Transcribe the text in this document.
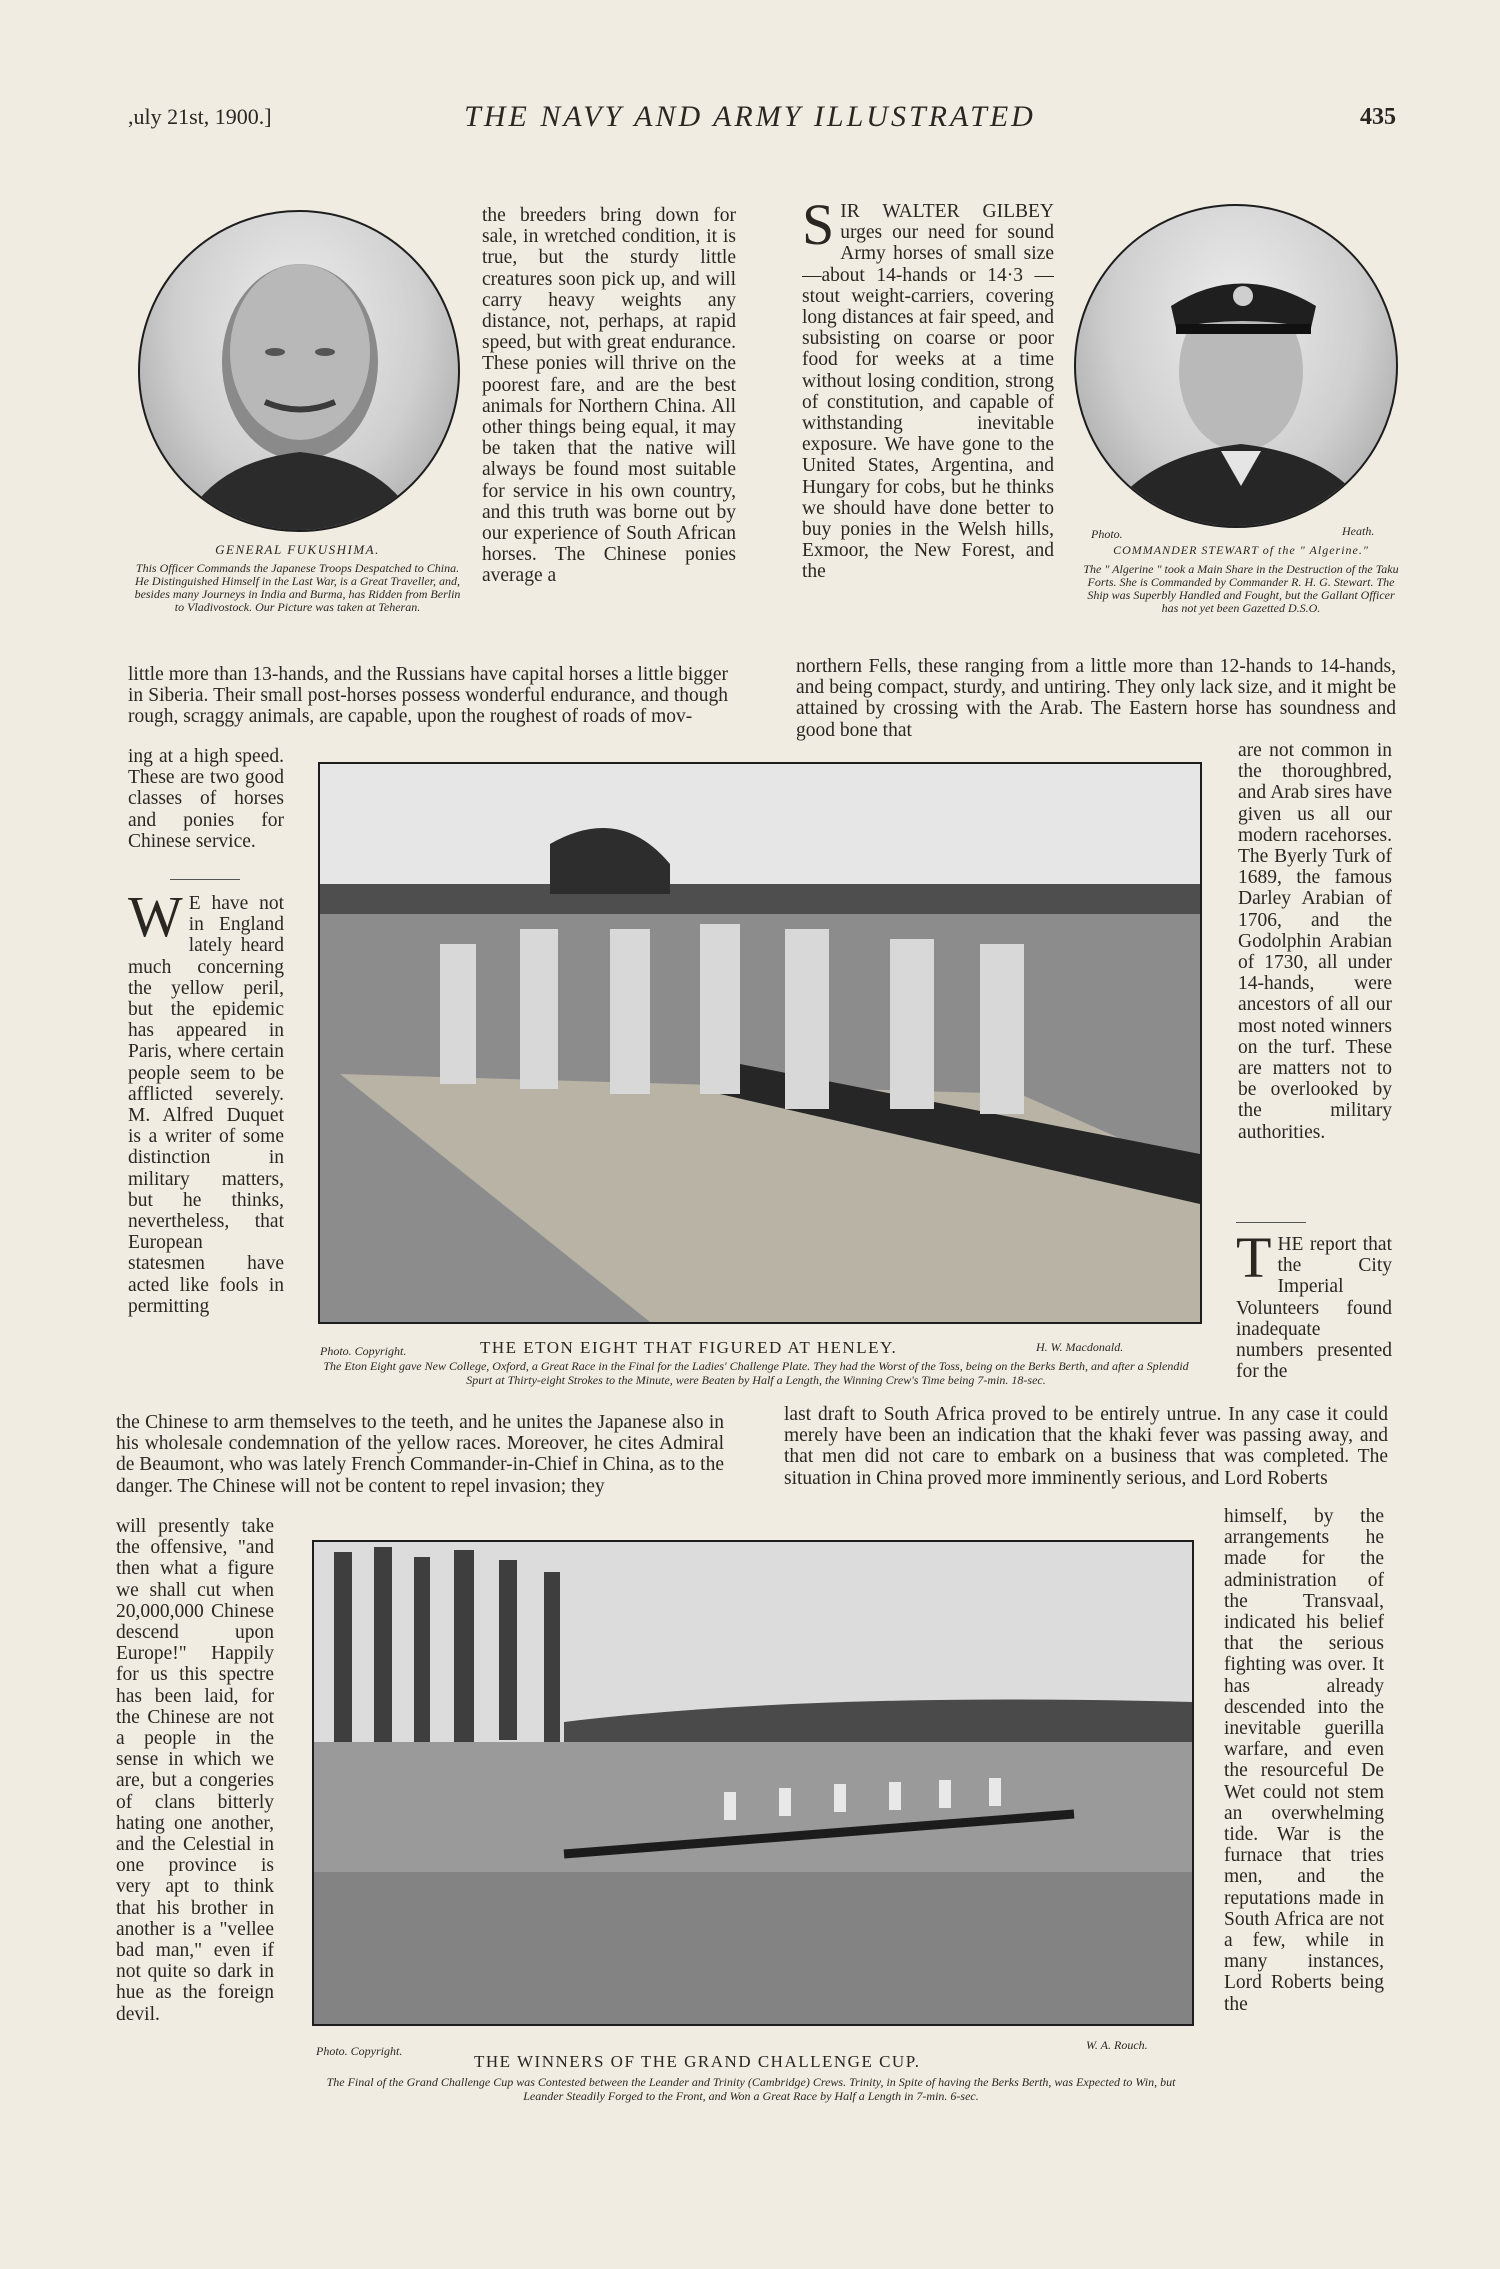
,uly 21st, 1900.]	THE NAVY AND ARMY ILLUSTRATED	435
GENERAL FUKUSHIMA.
This Officer Commands the Japanese Troops Despatched to China. He Distinguished Himself in the Last War, is a Great Traveller, and, besides many Journeys in India and Burma, has Ridden from Berlin to Vladivostock. Our Picture was taken at Teheran.

the breeders bring down for sale, in wretched condition, it is true, but the sturdy little creatures soon pick up, and will carry heavy weights any distance, not, perhaps, at rapid speed, but with great endurance. These ponies will thrive on the poorest fare, and are the best animals for Northern China. All other things being equal, it may be taken that the native will always be found most suitable for service in his own country, and this truth was borne out by our experience of South African horses. The Chinese ponies average a

SIR WALTER GILBEY urges our need for sound Army horses of small size—about 14-hands or 14·3 —stout weight-carriers, covering long distances at fair speed, and subsisting on coarse or poor food for weeks at a time without losing condition, strong of constitution, and capable of withstanding inevitable exposure. We have gone to the United States, Argentina, and Hungary for cobs, but he thinks we should have done better to buy ponies in the Welsh hills, Exmoor, the New Forest, and the

Photo.	Heath.
COMMANDER STEWART of the " Algerine."
The " Algerine " took a Main Share in the Destruction of the Taku Forts. She is Commanded by Commander R. H. G. Stewart. The Ship was Superbly Handled and Fought, but the Gallant Officer has not yet been Gazetted D.S.O.

little more than 13-hands, and the Russians have capital horses a little bigger in Siberia. Their small post-horses possess wonderful endurance, and though rough, scraggy animals, are capable, upon the roughest of roads of mov-

northern Fells, these ranging from a little more than 12-hands to 14-hands, and being compact, sturdy, and untiring. They only lack size, and it might be attained by crossing with the Arab. The Eastern horse has soundness and good bone that

ing at a high speed. These are two good classes of horses and ponies for Chinese service.

W E have not in England lately heard much concerning the yellow peril, but the epidemic has appeared in Paris, where certain people seem to be afflicted severely. M. Alfred Duquet is a writer of some distinction in military matters, but he thinks, nevertheless, that European statesmen have acted like fools in permitting

Photo. Copyright.	THE ETON EIGHT THAT FIGURED AT HENLEY.	H. W. Macdonald.
The Eton Eight gave New College, Oxford, a Great Race in the Final for the Ladies' Challenge Plate. They had the Worst of the Toss, being on the Berks Berth, and after a Splendid Spurt at Thirty-eight Strokes to the Minute, were Beaten by Half a Length, the Winning Crew's Time being 7-min. 18-sec.

are not common in the thoroughbred, and Arab sires have given us all our modern racehorses. The Byerly Turk of 1689, the famous Darley Arabian of 1706, and the Godolphin Arabian of 1730, all under 14-hands, were ancestors of all our most noted winners on the turf. These are matters not to be overlooked by the military authorities.

THE report that the City Imperial Volunteers found inadequate numbers presented for the

the Chinese to arm themselves to the teeth, and he unites the Japanese also in his wholesale condemnation of the yellow races. Moreover, he cites Admiral de Beaumont, who was lately French Commander-in-Chief in China, as to the danger. The Chinese will not be content to repel invasion; they

last draft to South Africa proved to be entirely untrue. In any case it could merely have been an indication that the khaki fever was passing away, and that men did not care to embark on a business that was completed. The situation in China proved more imminently serious, and Lord Roberts

will presently take the offensive, "and then what a figure we shall cut when 20,000,000 Chinese descend upon Europe!" Happily for us this spectre has been laid, for the Chinese are not a people in the sense in which we are, but a congeries of clans bitterly hating one another, and the Celestial in one province is very apt to think that his brother in another is a "vellee bad man," even if not quite so dark in hue as the foreign devil.

Photo. Copyright.	W. A. Rouch.
THE WINNERS OF THE GRAND CHALLENGE CUP.
The Final of the Grand Challenge Cup was Contested between the Leander and Trinity (Cambridge) Crews. Trinity, in Spite of having the Berks Berth, was Expected to Win, but Leander Steadily Forged to the Front, and Won a Great Race by Half a Length in 7-min. 6-sec.

himself, by the arrangements he made for the administration of the Transvaal, indicated his belief that the serious fighting was over. It has already descended into the inevitable guerilla warfare, and even the resourceful De Wet could not stem an overwhelming tide. War is the furnace that tries men, and the reputations made in South Africa are not a few, while in many instances, Lord Roberts being the
